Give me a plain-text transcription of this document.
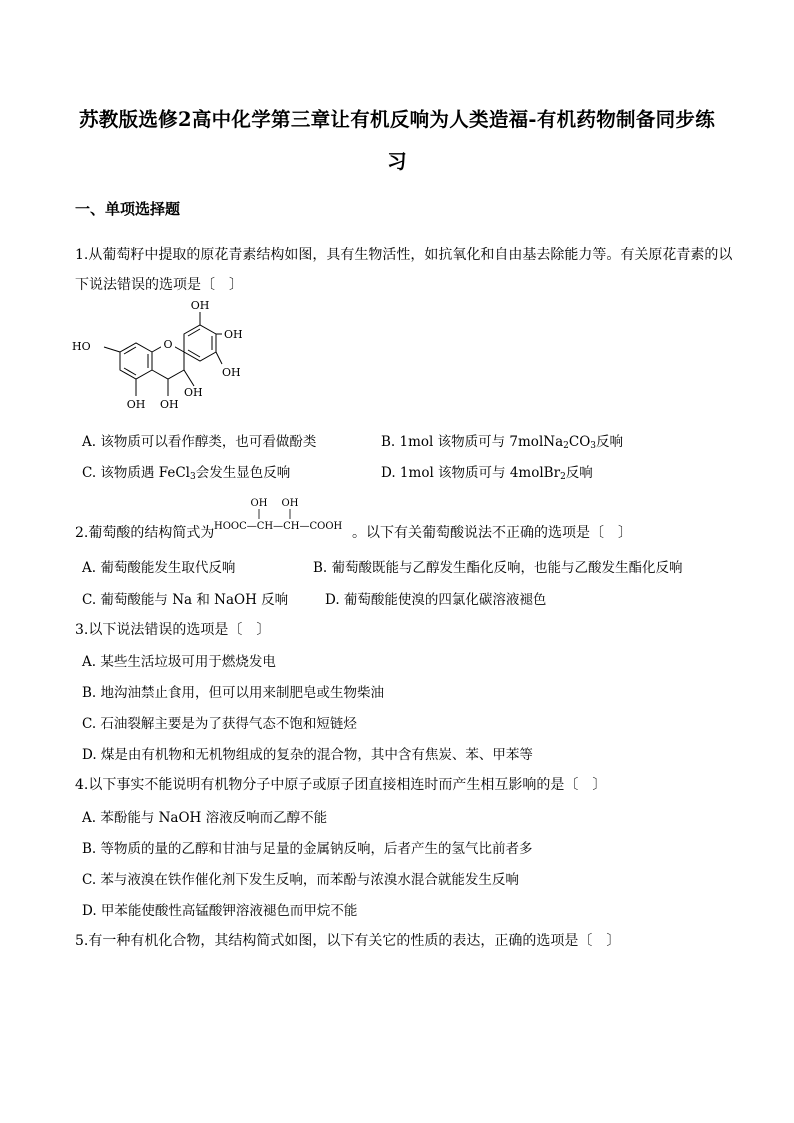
苏教版选修2高中化学第三章让有机反响为人类造福-有机药物制备同步练
习
一、单项选择题
1.从葡萄籽中提取的原花青素结构如图，具有生物活性，如抗氧化和自由基去除能力等。有关原花青素的以
下说法错误的选项是〔　〕
O
OH
OH
HO
OH
OH
OH OH
A. 该物质可以看作醇类，也可看做酚类	B. 1mol 该物质可与 $7molNa_2CO_3$反响
C. 该物质遇 FeCl$_3$会发生显色反响	D. 1mol 该物质可与 4molBr$_2$反响
2.葡萄酸的结构简式为
OH OH
HOOC—CH—CH—COOH 。以下有关葡萄酸说法不正确的选项是〔　〕
A. 葡萄酸能发生取代反响	B. 葡萄酸既能与乙醇发生酯化反响，也能与乙酸发生酯化反响
C. 葡萄酸能与 Na 和 NaOH 反响	D. 葡萄酸能使溴的四氯化碳溶液褪色
3.以下说法错误的选项是〔　〕
A. 某些生活垃圾可用于燃烧发电
B. 地沟油禁止食用，但可以用来制肥皂或生物柴油
C. 石油裂解主要是为了获得气态不饱和短链烃
D. 煤是由有机物和无机物组成的复杂的混合物，其中含有焦炭、苯、甲苯等
4.以下事实不能说明有机物分子中原子或原子团直接相连时而产生相互影响的是〔　〕
A. 苯酚能与 NaOH 溶液反响而乙醇不能
B. 等物质的量的乙醇和甘油与足量的金属钠反响，后者产生的氢气比前者多
C. 苯与液溴在铁作催化剂下发生反响，而苯酚与浓溴水混合就能发生反响
D. 甲苯能使酸性高锰酸钾溶液褪色而甲烷不能
5.有一种有机化合物，其结构简式如图，以下有关它的性质的表达，正确的选项是〔　〕
